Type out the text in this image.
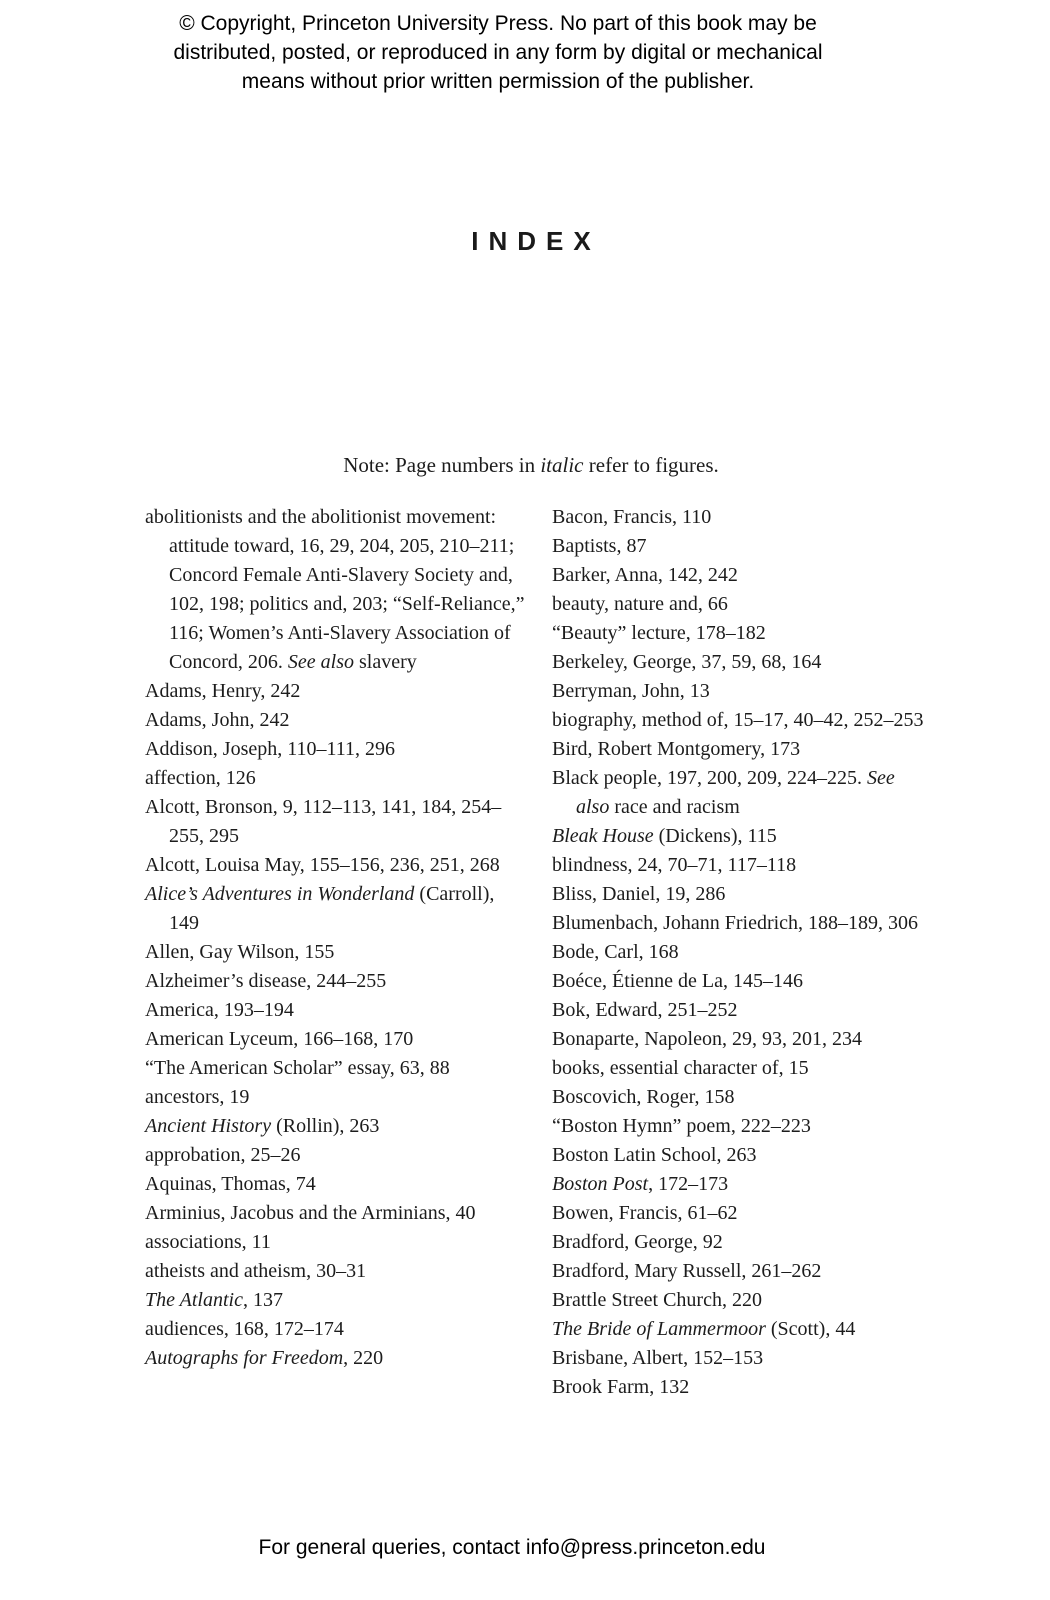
© Copyright, Princeton University Press. No part of this book may be
distributed, posted, or reproduced in any form by digital or mechanical
means without prior written permission of the publisher.
INDEX
Note: Page numbers in italic refer to figures.
abolitionists and the abolitionist movement: attitude toward, 16, 29, 204, 205, 210–211; Concord Female Anti-Slavery Society and, 102, 198; politics and, 203; “Self-Reliance,” 116; Women’s Anti-Slavery Association of Concord, 206. See also slavery
Adams, Henry, 242
Adams, John, 242
Addison, Joseph, 110–111, 296
affection, 126
Alcott, Bronson, 9, 112–113, 141, 184, 254–255, 295
Alcott, Louisa May, 155–156, 236, 251, 268
Alice’s Adventures in Wonderland (Carroll), 149
Allen, Gay Wilson, 155
Alzheimer’s disease, 244–255
America, 193–194
American Lyceum, 166–168, 170
“The American Scholar” essay, 63, 88
ancestors, 19
Ancient History (Rollin), 263
approbation, 25–26
Aquinas, Thomas, 74
Arminius, Jacobus and the Arminians, 40
associations, 11
atheists and atheism, 30–31
The Atlantic, 137
audiences, 168, 172–174
Autographs for Freedom, 220
Bacon, Francis, 110
Baptists, 87
Barker, Anna, 142, 242
beauty, nature and, 66
“Beauty” lecture, 178–182
Berkeley, George, 37, 59, 68, 164
Berryman, John, 13
biography, method of, 15–17, 40–42, 252–253
Bird, Robert Montgomery, 173
Black people, 197, 200, 209, 224–225. See also race and racism
Bleak House (Dickens), 115
blindness, 24, 70–71, 117–118
Bliss, Daniel, 19, 286
Blumenbach, Johann Friedrich, 188–189, 306
Bode, Carl, 168
Boéce, Étienne de La, 145–146
Bok, Edward, 251–252
Bonaparte, Napoleon, 29, 93, 201, 234
books, essential character of, 15
Boscovich, Roger, 158
“Boston Hymn” poem, 222–223
Boston Latin School, 263
Boston Post, 172–173
Bowen, Francis, 61–62
Bradford, George, 92
Bradford, Mary Russell, 261–262
Brattle Street Church, 220
The Bride of Lammermoor (Scott), 44
Brisbane, Albert, 152–153
Brook Farm, 132
For general queries, contact info@press.princeton.edu
